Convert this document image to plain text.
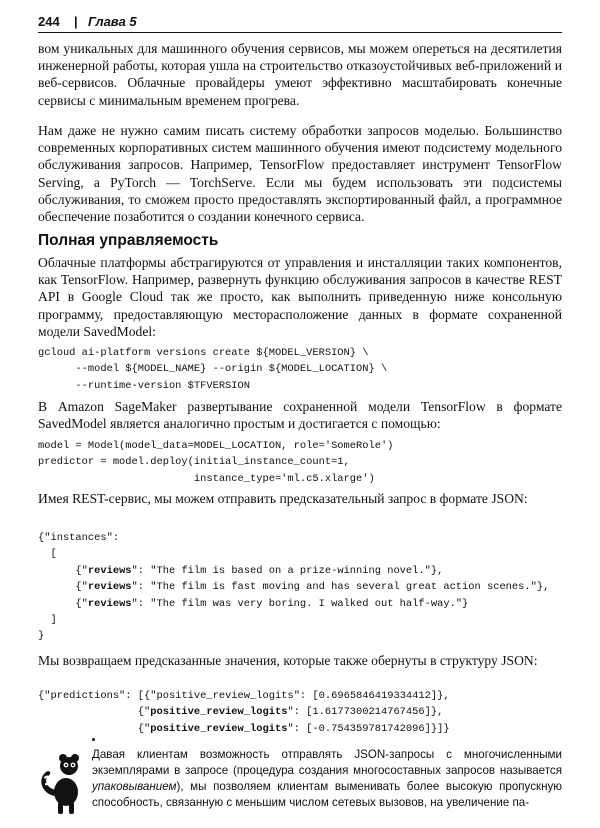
244 | Глава 5

вом уникальных для машинного обучения сервисов, мы можем опереться на десятилетия инженерной работы, которая ушла на строительство отказоустойчивых веб-приложений и веб-сервисов. Облачные провайдеры умеют эффективно масштабировать конечные сервисы с минимальным временем прогрева.

Нам даже не нужно самим писать систему обработки запросов моделью. Большинство современных корпоративных систем машинного обучения имеют подсистему модельного обслуживания запросов. Например, TensorFlow предоставляет инструмент TensorFlow Serving, а PyTorch — TorchServe. Если мы будем использовать эти подсистемы обслуживания, то сможем просто предоставлять экспортированный файл, а программное обеспечение позаботится о создании конечного сервиса.

Полная управляемость

Облачные платформы абстрагируются от управления и инсталляции таких компонентов, как TensorFlow. Например, развернуть функцию обслуживания запросов в качестве REST API в Google Cloud так же просто, как выполнить приведенную ниже консольную программу, предоставляющую месторасположение данных в формате сохраненной модели SavedModel:

gcloud ai-platform versions create ${MODEL_VERSION} \
--model ${MODEL_NAME} --origin ${MODEL_LOCATION} \
--runtime-version $TFVERSION

В Amazon SageMaker развертывание сохраненной модели TensorFlow в формате SavedModel является аналогично простым и достигается с помощью:

model = Model(model_data=MODEL_LOCATION, role='SomeRole')
predictor = model.deploy(initial_instance_count=1,
instance_type='ml.c5.xlarge')

Имея REST-сервис, мы можем отправить предсказательный запрос в формате JSON:

{"instances":
[
{"reviews": "The film is based on a prize-winning novel."},
{"reviews": "The film is fast moving and has several great action scenes."},
{"reviews": "The film was very boring. I walked out half-way."}
]
}

Мы возвращаем предсказанные значения, которые также обернуты в структуру JSON:

{"predictions": [{"positive_review_logits": [0.6965846419334412]},
{"positive_review_logits": [1.6177300214767456]},
{"positive_review_logits": [-0.754359781742096]}]}

Давая клиентам возможность отправлять JSON-запросы с многочисленными экземплярами в запросе (процедура создания многосоставных запросов называется упаковыванием), мы позволяем клиентам выменивать более высокую пропускную способность, связанную с меньшим числом сетевых вызовов, на увеличение па-
